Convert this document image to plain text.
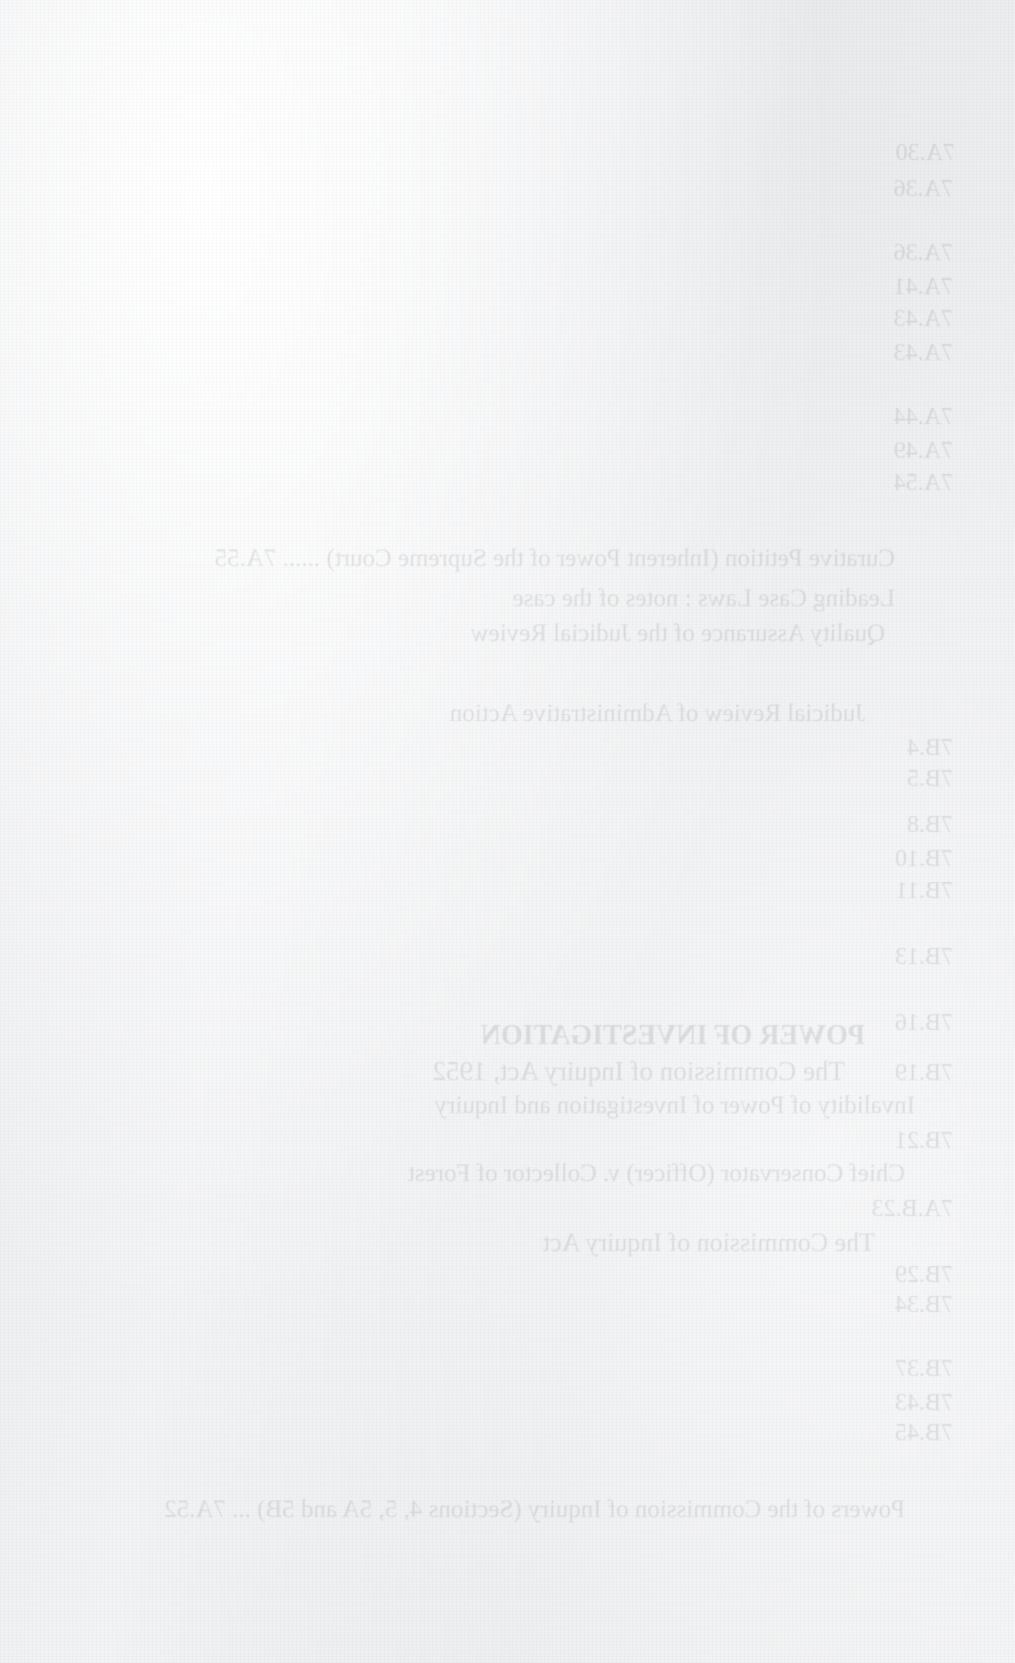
7A.30
7A.36
7A.36
7A.41
7A.43
7A.43
7A.44
7A.49
7A.54
Curative Petition (Inherent Power of the Supreme Court) ...... 7A.55
Leading Case Laws : notes of the case
Quality Assurance of the Judicial Review
Judicial Review of Administrative Action
7B.4
7B.5
7B.8
7B.10
7B.11
7B.13
7B.16
POWER OF INVESTIGATION
The Commission of Inquiry Act, 1952 7B.19
Invalidity of Power of Investigation and Inquiry
7B.21
Chief Conservator (Officer) v. Collector of Forest
7A.B.23
The Commission of Inquiry Act
7B.29
7B.34
7B.37
7B.43
7B.45
Powers of the Commission of Inquiry (Sections 4, 5, 5A and 5B) ... 7A.52
